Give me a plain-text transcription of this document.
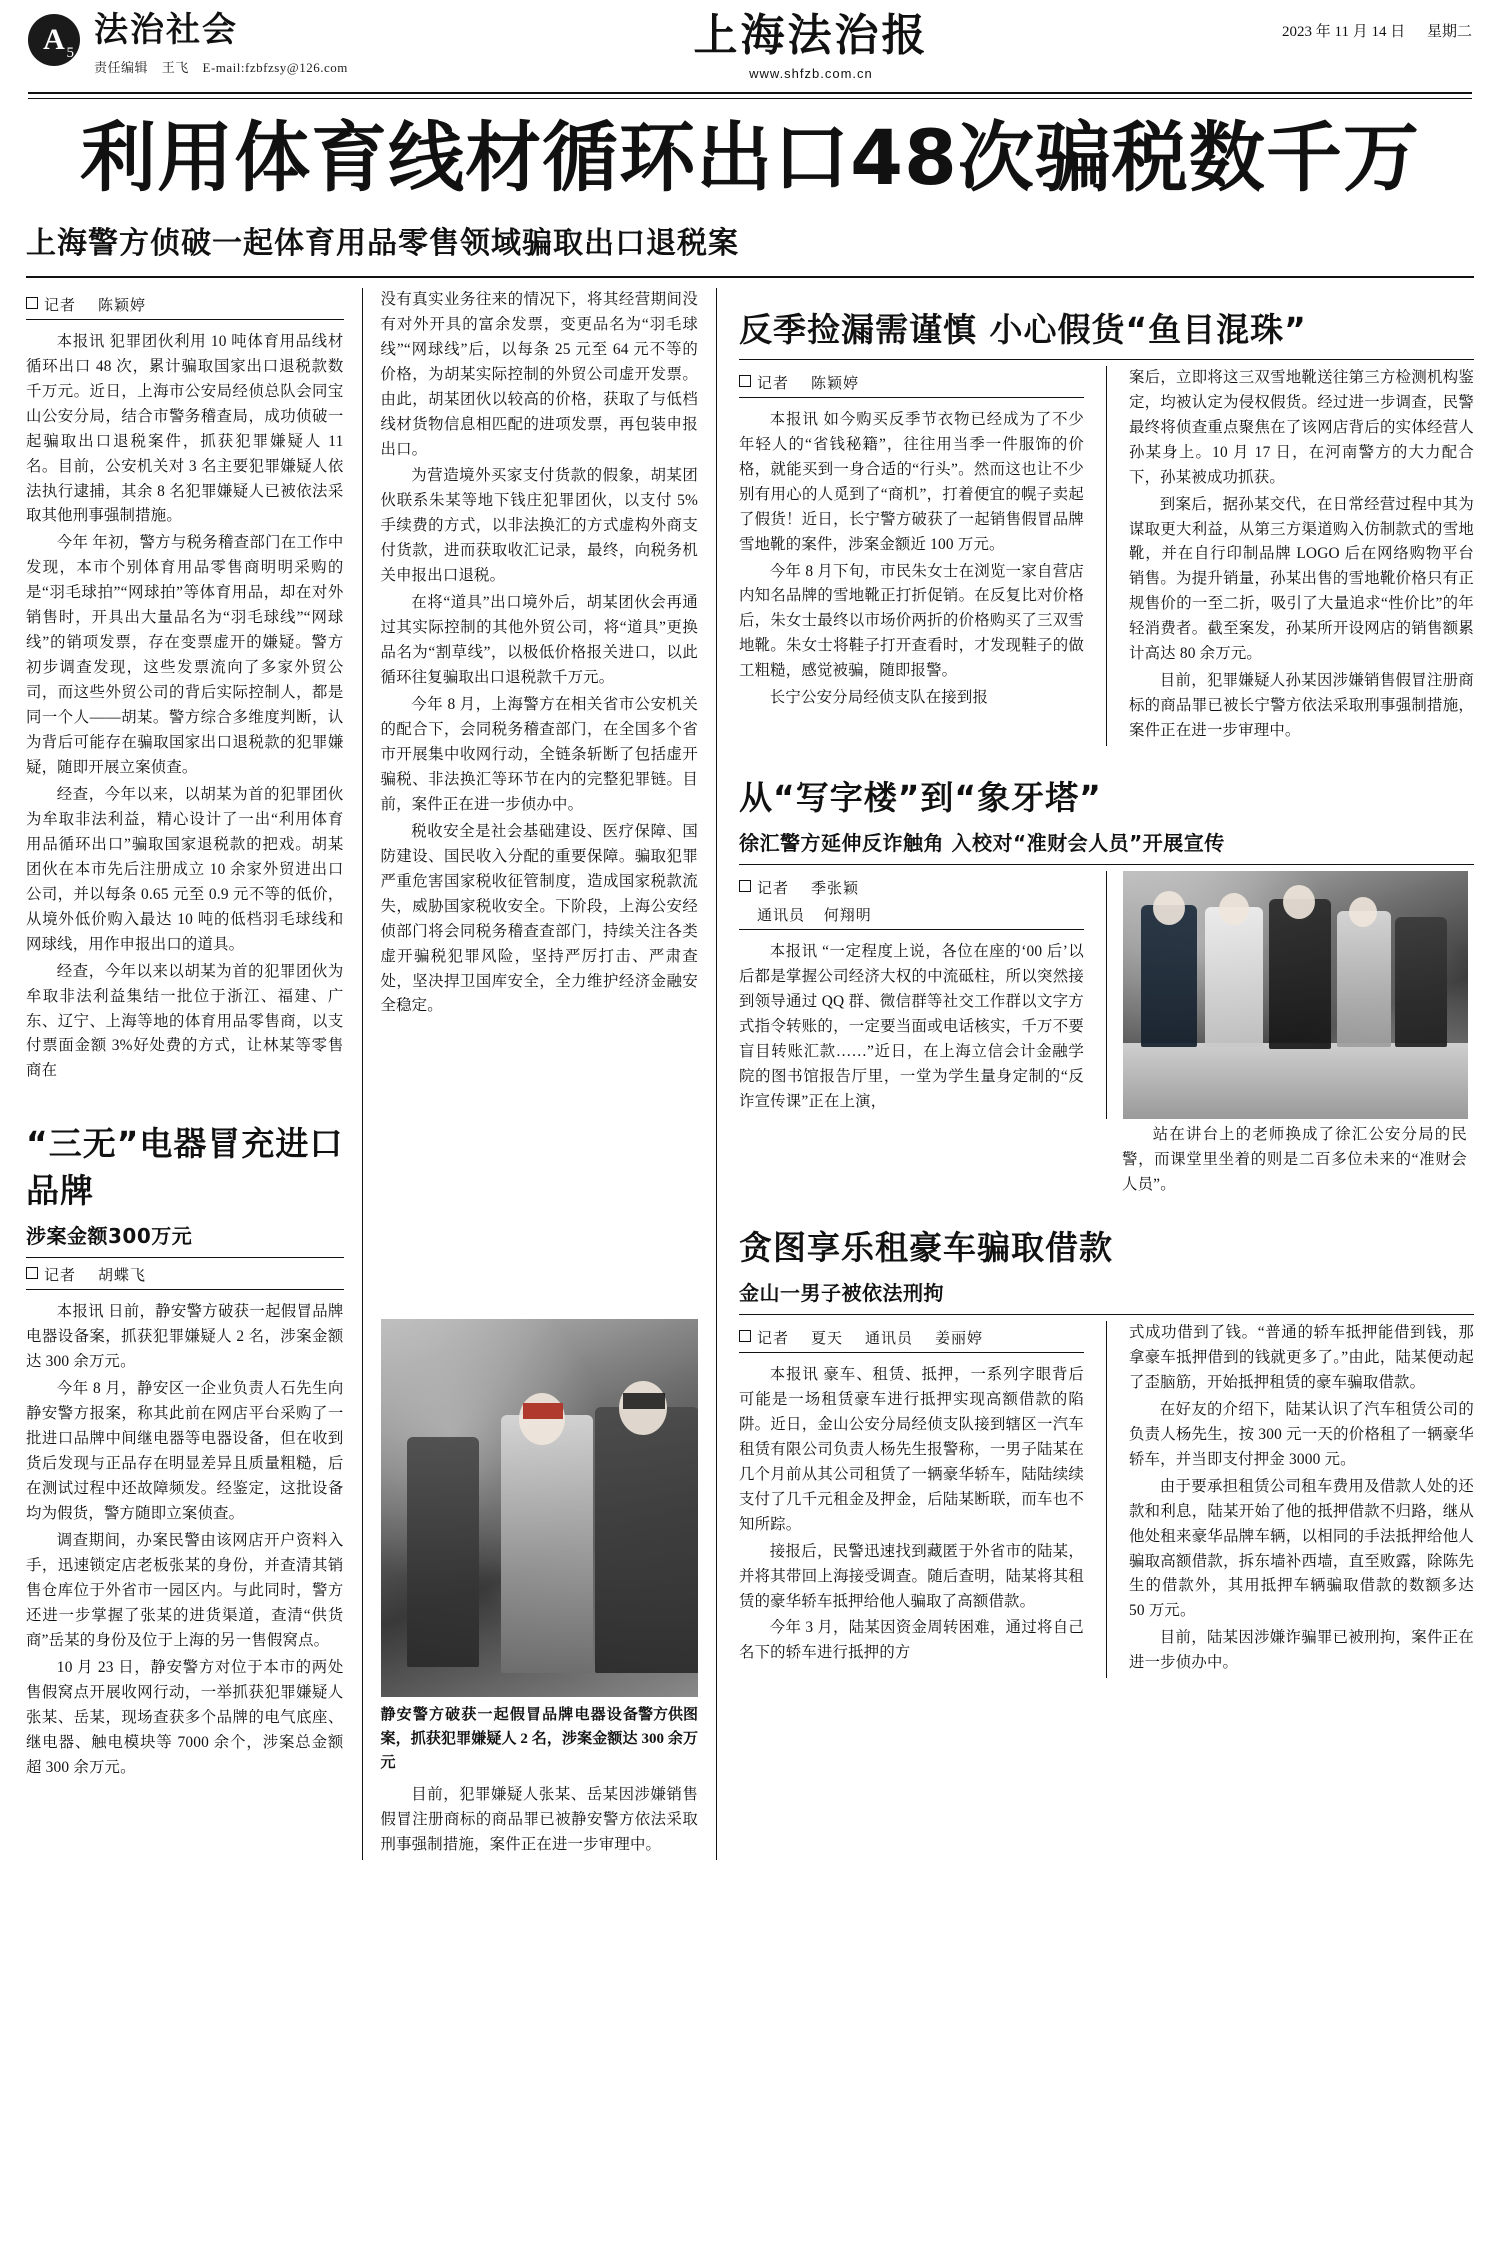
A 5
法治社会
责任编辑 王飞 E-mail:fzbfzsy@126.com
上海法治报
www.shfzb.com.cn
2023 年 11 月 14 日 星期二
利用体育线材循环出口48次骗税数千万
上海警方侦破一起体育用品零售领域骗取出口退税案
记者 陈颖婷

本报讯 犯罪团伙利用 10 吨体育用品线材循环出口 48 次，累计骗取国家出口退税款数千万元。近日，上海市公安局经侦总队会同宝山公安分局，结合市警务稽查局，成功侦破一起骗取出口退税案件，抓获犯罪嫌疑人 11 名。目前，公安机关对 3 名主要犯罪嫌疑人依法执行逮捕，其余 8 名犯罪嫌疑人已被依法采取其他刑事强制措施。

今年 年初，警方与税务稽查部门在工作中发现，本市个别体育用品零售商明明采购的是“羽毛球拍”“网球拍”等体育用品，却在对外销售时，开具出大量品名为“羽毛球线”“网球线”的销项发票，存在变票虚开的嫌疑。警方初步调查发现，这些发票流向了多家外贸公司，而这些外贸公司的背后实际控制人，都是同一个人——胡某。警方综合多维度判断，认为背后可能存在骗取国家出口退税款的犯罪嫌疑，随即开展立案侦查。

经查，今年以来，以胡某为首的犯罪团伙为牟取非法利益，精心设计了一出“利用体育用品循环出口”骗取国家退税款的把戏。胡某团伙在本市先后注册成立 10 余家外贸进出口公司，并以每条 0.65 元至 0.9 元不等的低价，从境外低价购入最达 10 吨的低档羽毛球线和网球线，用作申报出口的道具。

经查，今年以来以胡某为首的犯罪团伙为牟取非法利益集结一批位于浙江、福建、广东、辽宁、上海等地的体育用品零售商，以支付票面金额 3%好处费的方式，让林某等零售商在

“三无”电器冒充进口品牌
涉案金额300万元
记者 胡蝶飞

本报讯 日前，静安警方破获一起假冒品牌电器设备案，抓获犯罪嫌疑人 2 名，涉案金额达 300 余万元。

今年 8 月，静安区一企业负责人石先生向静安警方报案，称其此前在网店平台采购了一批进口品牌中间继电器等电器设备，但在收到货后发现与正品存在明显差异且质量粗糙，后在测试过程中还故障频发。经鉴定，这批设备均为假货，警方随即立案侦查。

调查期间，办案民警由该网店开户资料入手，迅速锁定店老板张某的身份，并查清其销售仓库位于外省市一园区内。与此同时，警方还进一步掌握了张某的进货渠道，查清“供货商”岳某的身份及位于上海的另一售假窝点。

10 月 23 日，静安警方对位于本市的两处售假窝点开展收网行动，一举抓获犯罪嫌疑人张某、岳某，现场查获多个品牌的电气底座、继电器、触电模块等 7000 余个，涉案总金额超 300 余万元。

没有真实业务往来的情况下，将其经营期间没有对外开具的富余发票，变更品名为“羽毛球线”“网球线”后，以每条 25 元至 64 元不等的价格，为胡某实际控制的外贸公司虚开发票。由此，胡某团伙以较高的价格，获取了与低档线材货物信息相匹配的进项发票，再包装申报出口。

为营造境外买家支付货款的假象，胡某团伙联系朱某等地下钱庄犯罪团伙，以支付 5%手续费的方式，以非法换汇的方式虚构外商支付货款，进而获取收汇记录，最终，向税务机关申报出口退税。

在将“道具”出口境外后，胡某团伙会再通过其实际控制的其他外贸公司，将“道具”更换品名为“割草线”，以极低价格报关进口，以此循环往复骗取出口退税款千万元。

今年 8 月，上海警方在相关省市公安机关的配合下，会同税务稽查部门，在全国多个省市开展集中收网行动，全链条斩断了包括虚开骗税、非法换汇等环节在内的完整犯罪链。目前，案件正在进一步侦办中。

税收安全是社会基础建设、医疗保障、国防建设、国民收入分配的重要保障。骗取犯罪严重危害国家税收征管制度，造成国家税款流失，威胁国家税收安全。下阶段，上海公安经侦部门将会同税务稽查查部门，持续关注各类虚开骗税犯罪风险，坚持严厉打击、严肃查处，坚决捍卫国库安全，全力维护经济金融安全稳定。

警方供图
静安警方破获一起假冒品牌电器设备案，抓获犯罪嫌疑人 2 名，涉案金额达 300 余万元

目前，犯罪嫌疑人张某、岳某因涉嫌销售假冒注册商标的商品罪已被静安警方依法采取刑事强制措施，案件正在进一步审理中。

反季捡漏需谨慎 小心假货“鱼目混珠”
记者 陈颖婷

本报讯 如今购买反季节衣物已经成为了不少年轻人的“省钱秘籍”，往往用当季一件服饰的价格，就能买到一身合适的“行头”。然而这也让不少别有用心的人觅到了“商机”，打着便宜的幌子卖起了假货！近日，长宁警方破获了一起销售假冒品牌雪地靴的案件，涉案金额近 100 万元。

今年 8 月下旬，市民朱女士在浏览一家自营店内知名品牌的雪地靴正打折促销。在反复比对价格后，朱女士最终以市场价两折的价格购买了三双雪地靴。朱女士将鞋子打开查看时，才发现鞋子的做工粗糙，感觉被骗，随即报警。

长宁公安分局经侦支队在接到报

案后，立即将这三双雪地靴送往第三方检测机构鉴定，均被认定为侵权假货。经过进一步调查，民警最终将侦查重点聚焦在了该网店背后的实体经营人孙某身上。10 月 17 日，在河南警方的大力配合下，孙某被成功抓获。

到案后，据孙某交代，在日常经营过程中其为谋取更大利益，从第三方渠道购入仿制款式的雪地靴，并在自行印制品牌 LOGO 后在网络购物平台销售。为提升销量，孙某出售的雪地靴价格只有正规售价的一至二折，吸引了大量追求“性价比”的年轻消费者。截至案发，孙某所开设网店的销售额累计高达 80 余万元。

目前，犯罪嫌疑人孙某因涉嫌销售假冒注册商标的商品罪已被长宁警方依法采取刑事强制措施，案件正在进一步审理中。

从“写字楼”到“象牙塔”
徐汇警方延伸反诈触角 入校对“准财会人员”开展宣传
记者 季张颖
通讯员 何翔明

本报讯 “一定程度上说，各位在座的‘00 后’以后都是掌握公司经济大权的中流砥柱，所以突然接到领导通过 QQ 群、微信群等社交工作群以文字方式指令转账的，一定要当面或电话核实，千万不要盲目转账汇款……”近日，在上海立信会计金融学院的图书馆报告厅里，一堂为学生量身定制的“反诈宣传课”正在上演，

站在讲台上的老师换成了徐汇公安分局的民警，而课堂里坐着的则是二百多位未来的“准财会人员”。

贪图享乐租豪车骗取借款
金山一男子被依法刑拘
记者 夏天 通讯员 姜丽婷

本报讯 豪车、租赁、抵押，一系列字眼背后可能是一场租赁豪车进行抵押实现高额借款的陷阱。近日，金山公安分局经侦支队接到辖区一汽车租赁有限公司负责人杨先生报警称，一男子陆某在几个月前从其公司租赁了一辆豪华轿车，陆陆续续支付了几千元租金及押金，后陆某断联，而车也不知所踪。

接报后，民警迅速找到藏匿于外省市的陆某，并将其带回上海接受调查。随后查明，陆某将其租赁的豪华轿车抵押给他人骗取了高额借款。

今年 3 月，陆某因资金周转困难，通过将自己名下的轿车进行抵押的方

式成功借到了钱。“普通的轿车抵押能借到钱，那拿豪车抵押借到的钱就更多了。”由此，陆某便动起了歪脑筋，开始抵押租赁的豪车骗取借款。

在好友的介绍下，陆某认识了汽车租赁公司的负责人杨先生，按 300 元一天的价格租了一辆豪华轿车，并当即支付押金 3000 元。

由于要承担租赁公司租车费用及借款人处的还款和利息，陆某开始了他的抵押借款不归路，继从他处租来豪华品牌车辆，以相同的手法抵押给他人骗取高额借款，拆东墙补西墙，直至败露，除陈先生的借款外，其用抵押车辆骗取借款的数额多达 50 万元。

目前，陆某因涉嫌诈骗罪已被刑拘，案件正在进一步侦办中。
